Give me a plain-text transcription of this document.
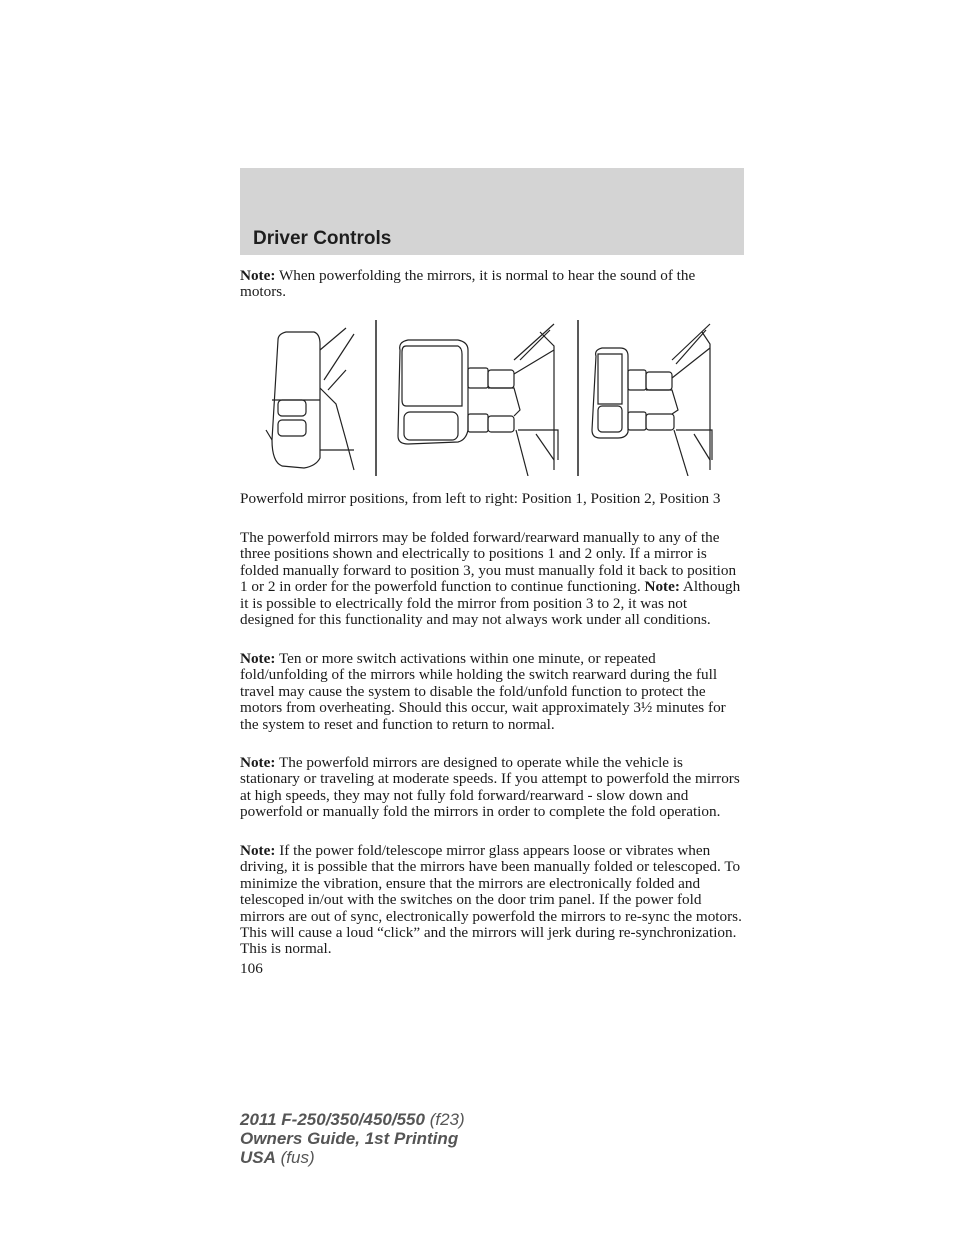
Driver Controls

Note: When powerfolding the mirrors, it is normal to hear the sound of the motors.

Powerfold mirror positions, from left to right: Position 1, Position 2, Position 3

The powerfold mirrors may be folded forward/rearward manually to any of the three positions shown and electrically to positions 1 and 2 only. If a mirror is folded manually forward to position 3, you must manually fold it back to position 1 or 2 in order for the powerfold function to continue functioning. Note: Although it is possible to electrically fold the mirror from position 3 to 2, it was not designed for this functionality and may not always work under all conditions.

Note: Ten or more switch activations within one minute, or repeated fold/unfolding of the mirrors while holding the switch rearward during the full travel may cause the system to disable the fold/unfold function to protect the motors from overheating. Should this occur, wait approximately 3½ minutes for the system to reset and function to return to normal.

Note: The powerfold mirrors are designed to operate while the vehicle is stationary or traveling at moderate speeds. If you attempt to powerfold the mirrors at high speeds, they may not fully fold forward/rearward - slow down and powerfold or manually fold the mirrors in order to complete the fold operation.

Note: If the power fold/telescope mirror glass appears loose or vibrates when driving, it is possible that the mirrors have been manually folded or telescoped. To minimize the vibration, ensure that the mirrors are electronically folded and telescoped in/out with the switches on the door trim panel. If the power fold mirrors are out of sync, electronically powerfold the mirrors to re-sync the motors. This will cause a loud “click” and the mirrors will jerk during re-synchronization. This is normal.

106
2011 F-250/350/450/550 (f23)
Owners Guide, 1st Printing
USA (fus)
